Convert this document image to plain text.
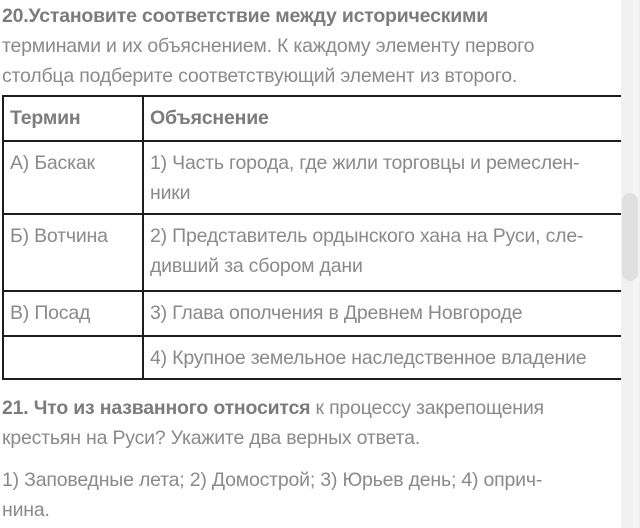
20.Установите соответствие между историческими
терминами и их объяснением. К каждому элементу первого
столбца подберите соответствующий элемент из второго.
Термин	Объяснение
А) Баскак	1) Часть города, где жили торговцы и ремеслен-
ники

Б) Вотчина	2) Представитель ордынского хана на Руси, сле-
дивший за сбором дани

В) Посад	3) Глава ополчения в Древнем Новгороде

	4) Крупное земельное наследственное владение
21. Что из названного относится к процессу закрепощения
крестьян на Руси? Укажите два верных ответа.
1) Заповедные лета; 2) Домострой; 3) Юрьев день; 4) оприч-
нина.
